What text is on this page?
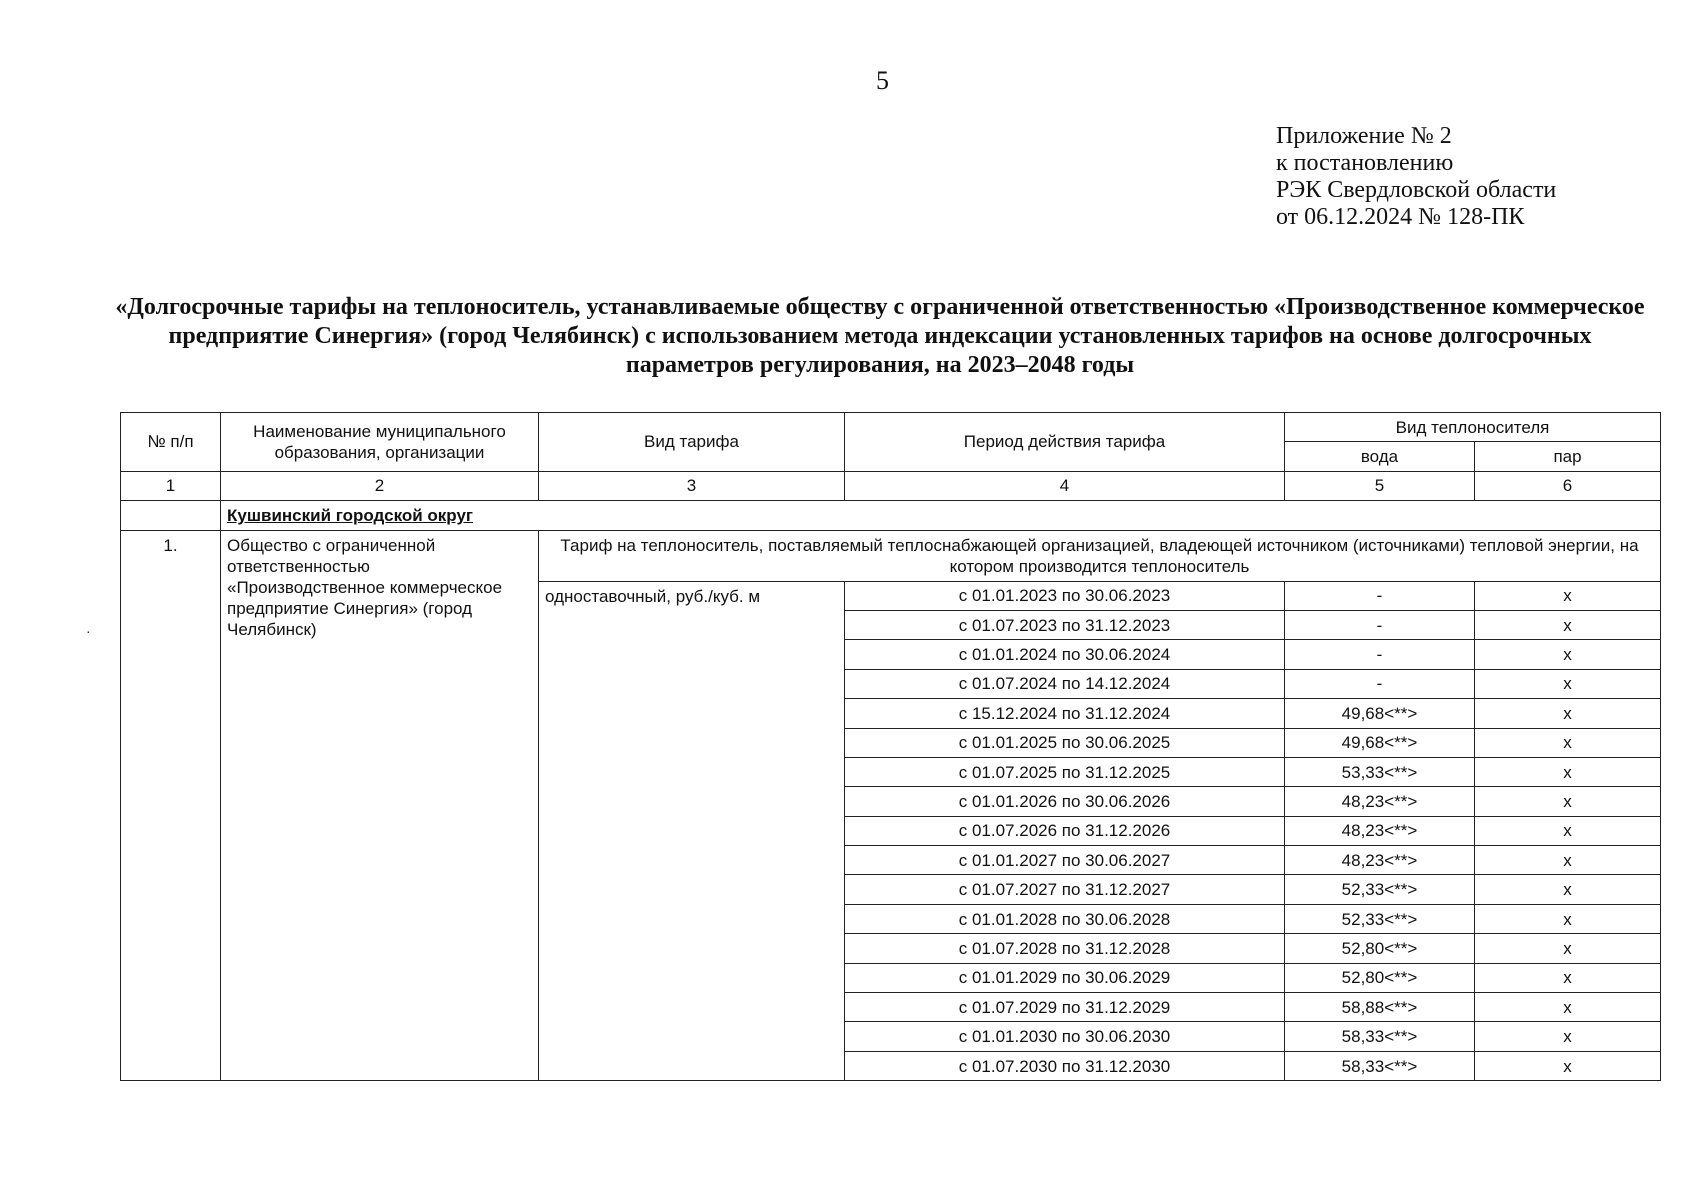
5
Приложение № 2
к постановлению
РЭК Свердловской области
от 06.12.2024 № 128-ПК
«Долгосрочные тарифы на теплоноситель, устанавливаемые обществу с ограниченной ответственностью «Производственное коммерческое предприятие Синергия» (город Челябинск) с использованием метода индексации установленных тарифов на основе долгосрочных параметров регулирования, на 2023–2048 годы
№ п/п	Наименование муниципального образования, организации	Вид тарифа	Период действия тарифа	Вид теплоносителя	
				вода	пар
1	2	3	4	5	6
	Кушвинский городской округ				
1.	Общество с ограниченной ответственностью «Производственное коммерческое предприятие Синергия» (город Челябинск)	Тариф на теплоноситель, поставляемый теплоснабжающей организацией, владеющей источником (источниками) тепловой энергии, на котором производится теплоноситель			
		одноставочный, руб./куб. м	с 01.01.2023 по 30.06.2023	-	х
			с 01.07.2023 по 31.12.2023	-	х
			с 01.01.2024 по 30.06.2024	-	х
			с 01.07.2024 по 14.12.2024	-	х
			с 15.12.2024 по 31.12.2024	49,68<**>	х
			с 01.01.2025 по 30.06.2025	49,68<**>	х
			с 01.07.2025 по 31.12.2025	53,33<**>	х
			с 01.01.2026 по 30.06.2026	48,23<**>	х
			с 01.07.2026 по 31.12.2026	48,23<**>	х
			с 01.01.2027 по 30.06.2027	48,23<**>	х
			с 01.07.2027 по 31.12.2027	52,33<**>	х
			с 01.01.2028 по 30.06.2028	52,33<**>	х
			с 01.07.2028 по 31.12.2028	52,80<**>	х
			с 01.01.2029 по 30.06.2029	52,80<**>	х
			с 01.07.2029 по 31.12.2029	58,88<**>	х
			с 01.01.2030 по 30.06.2030	58,33<**>	х
			с 01.07.2030 по 31.12.2030	58,33<**>	х
·
